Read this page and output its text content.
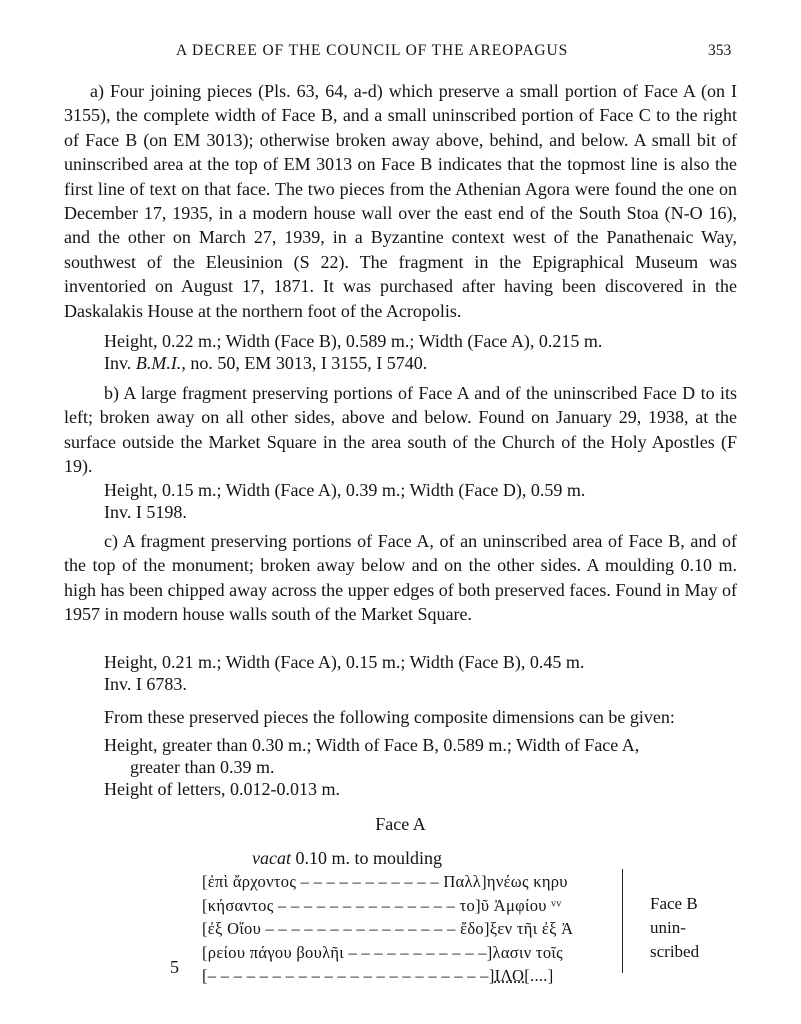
A DECREE OF THE COUNCIL OF THE AREOPAGUS	353

a) Four joining pieces (Pls. 63, 64, a-d) which preserve a small portion of Face A (on I 3155), the complete width of Face B, and a small uninscribed portion of Face C to the right of Face B (on EM 3013); otherwise broken away above, behind, and below. A small bit of uninscribed area at the top of EM 3013 on Face B indicates that the topmost line is also the first line of text on that face. The two pieces from the Athenian Agora were found the one on December 17, 1935, in a modern house wall over the east end of the South Stoa (N-O 16), and the other on March 27, 1939, in a Byzantine context west of the Panathenaic Way, southwest of the Eleusinion (S 22). The fragment in the Epigraphical Museum was inventoried on August 17, 1871. It was purchased after having been discovered in the Daskalakis House at the northern foot of the Acropolis.

Height, 0.22 m.; Width (Face B), 0.589 m.; Width (Face A), 0.215 m.
Inv. B.M.I., no. 50, EM 3013, I 3155, I 5740.

b) A large fragment preserving portions of Face A and of the uninscribed Face D to its left; broken away on all other sides, above and below. Found on January 29, 1938, at the surface outside the Market Square in the area south of the Church of the Holy Apostles (F 19).

Height, 0.15 m.; Width (Face A), 0.39 m.; Width (Face D), 0.59 m.
Inv. I 5198.

c) A fragment preserving portions of Face A, of an uninscribed area of Face B, and of the top of the monument; broken away below and on the other sides. A moulding 0.10 m. high has been chipped away across the upper edges of both preserved faces. Found in May of 1957 in modern house walls south of the Market Square.

Height, 0.21 m.; Width (Face A), 0.15 m.; Width (Face B), 0.45 m.
Inv. I 6783.
From these preserved pieces the following composite dimensions can be given:
Height, greater than 0.30 m.; Width of Face B, 0.589 m.; Width of Face A,
greater than 0.39 m.
Height of letters, 0.012-0.013 m.
Face A
vacat 0.10 m. to moulding
[ἐπὶ ἄρχοντος – – – – – – – – – – – Παλλ]ηνέως κηρυ
[κήσαντος – – – – – – – – – – – – – – το]ῦ Ἀμφίου ᵛᵛ
[ἐξ Οἴου – – – – – – – – – – – – – – – ἔδο]ξεν τῆι ἐξ Ἀ
[ρείου πάγου βουλῆι – – – – – – – – – – –]λασιν τοῖς
[– – – – – – – – – – – – – – – – – – – – – –]ΙΛΟ[....]
5
Face B
unin-
scribed
